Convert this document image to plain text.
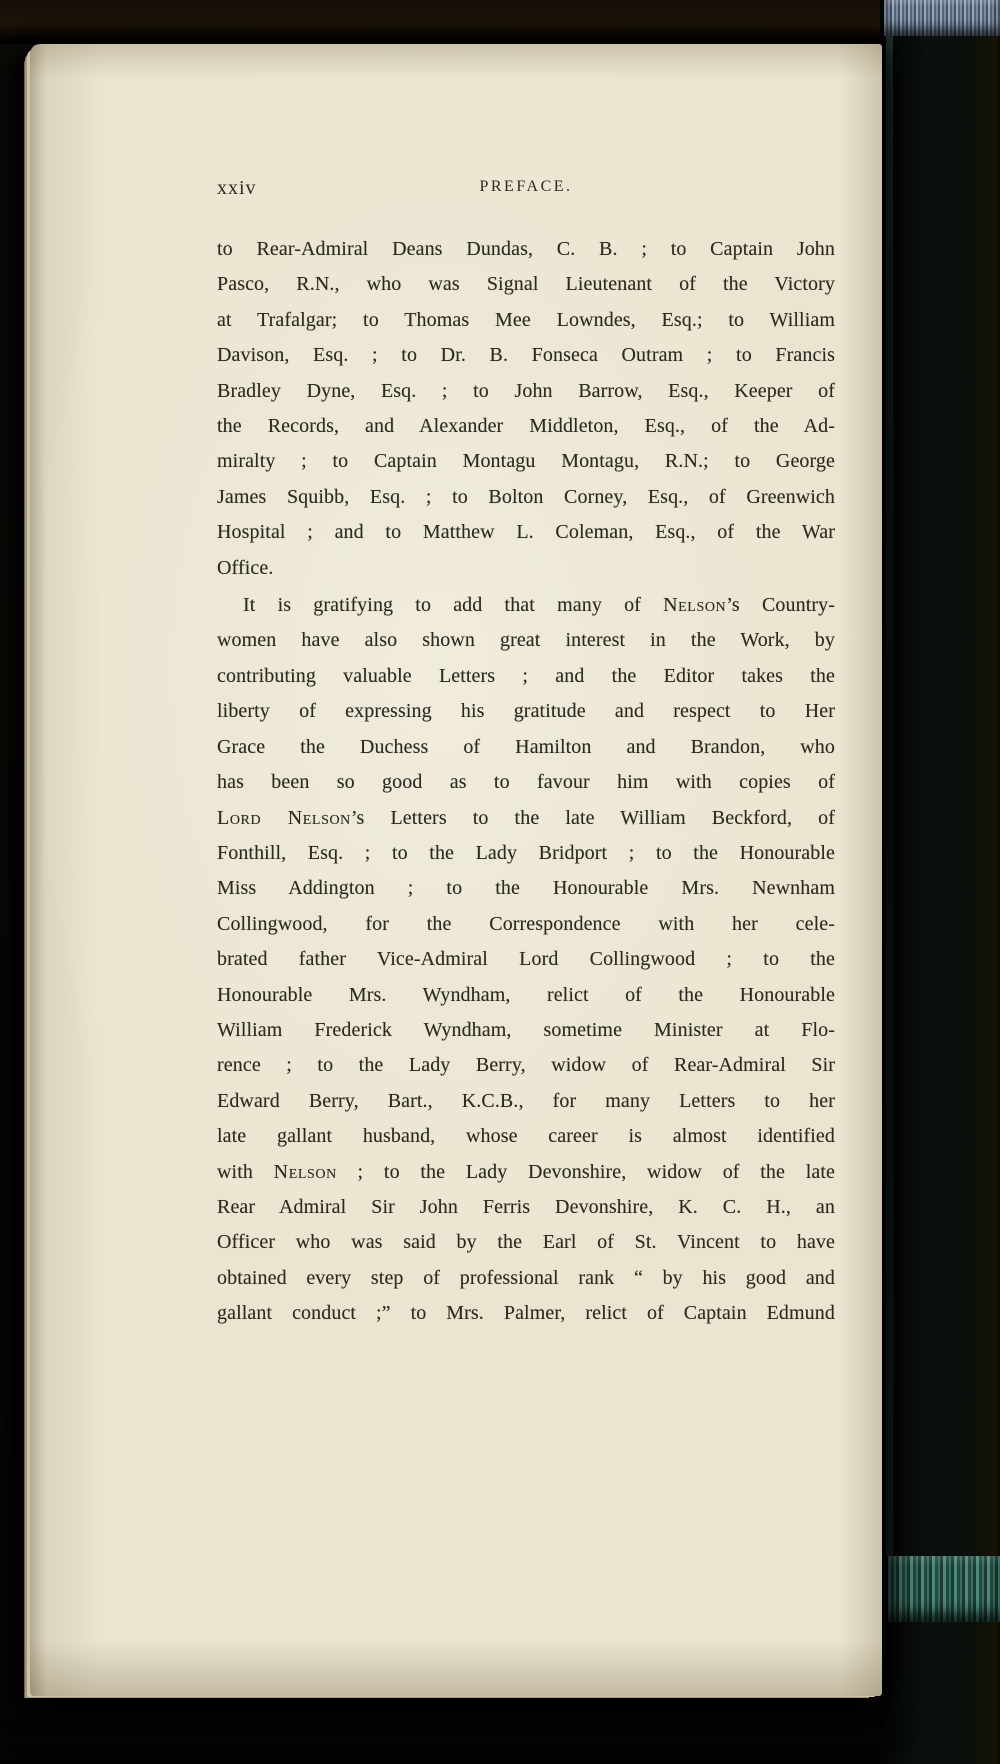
xxiv	PREFACE.
to Rear-Admiral Deans Dundas, C. B. ; to Captain John
Pasco, R.N., who was Signal Lieutenant of the Victory
at Trafalgar; to Thomas Mee Lowndes, Esq.; to William
Davison, Esq. ; to Dr. B. Fonseca Outram ; to Francis
Bradley Dyne, Esq. ; to John Barrow, Esq., Keeper of
the Records, and Alexander Middleton, Esq., of the Ad-
miralty ; to Captain Montagu Montagu, R.N.; to George
James Squibb, Esq. ; to Bolton Corney, Esq., of Greenwich
Hospital ; and to Matthew L. Coleman, Esq., of the War
Office.
It is gratifying to add that many of Nelson’s Country-
women have also shown great interest in the Work, by
contributing valuable Letters ; and the Editor takes the
liberty of expressing his gratitude and respect to Her
Grace the Duchess of Hamilton and Brandon, who
has been so good as to favour him with copies of
Lord Nelson’s Letters to the late William Beckford, of
Fonthill, Esq. ; to the Lady Bridport ; to the Honourable
Miss Addington ; to the Honourable Mrs. Newnham
Collingwood, for the Correspondence with her cele-
brated father Vice-Admiral Lord Collingwood ; to the
Honourable Mrs. Wyndham, relict of the Honourable
William Frederick Wyndham, sometime Minister at Flo-
rence ; to the Lady Berry, widow of Rear-Admiral Sir
Edward Berry, Bart., K.C.B., for many Letters to her
late gallant husband, whose career is almost identified
with Nelson ; to the Lady Devonshire, widow of the late
Rear Admiral Sir John Ferris Devonshire, K. C. H., an
Officer who was said by the Earl of St. Vincent to have
obtained every step of professional rank “ by his good and
gallant conduct ;” to Mrs. Palmer, relict of Captain Edmund
